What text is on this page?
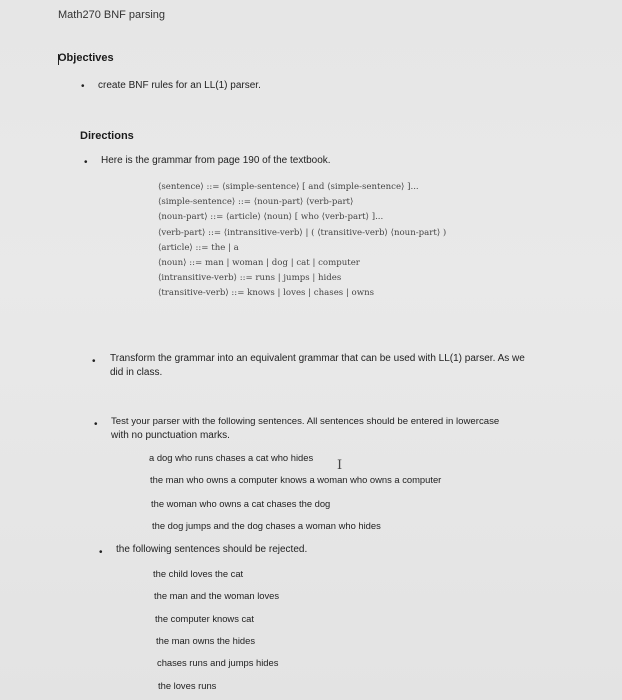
Math270 BNF parsing
Objectives
• create BNF rules for an LL(1) parser.
Directions
• Here is the grammar from page 190 of the textbook.
⟨sentence⟩ ::= ⟨simple-sentence⟩ [ and ⟨simple-sentence⟩ ]...
⟨simple-sentence⟩ ::= ⟨noun-part⟩ ⟨verb-part⟩
⟨noun-part⟩ ::= ⟨article⟩ ⟨noun⟩ [ who ⟨verb-part⟩ ]...
⟨verb-part⟩ ::= ⟨intransitive-verb⟩ | ( ⟨transitive-verb⟩ ⟨noun-part⟩ )
⟨article⟩ ::= the | a
⟨noun⟩ ::= man | woman | dog | cat | computer
⟨intransitive-verb⟩ ::= runs | jumps | hides
⟨transitive-verb⟩ ::= knows | loves | chases | owns
• Transform the grammar into an equivalent grammar that can be used with LL(1) parser. As we
did in class.
• Test your parser with the following sentences. All sentences should be entered in lowercase
with no punctuation marks.
a dog who runs chases a cat who hides
I
the man who owns a computer knows a woman who owns a computer
the woman who owns a cat chases the dog
the dog jumps and the dog chases a woman who hides
• the following sentences should be rejected.
the child loves the cat
the man and the woman loves
the computer knows cat
the man owns the hides
chases runs and jumps hides
the loves runs
